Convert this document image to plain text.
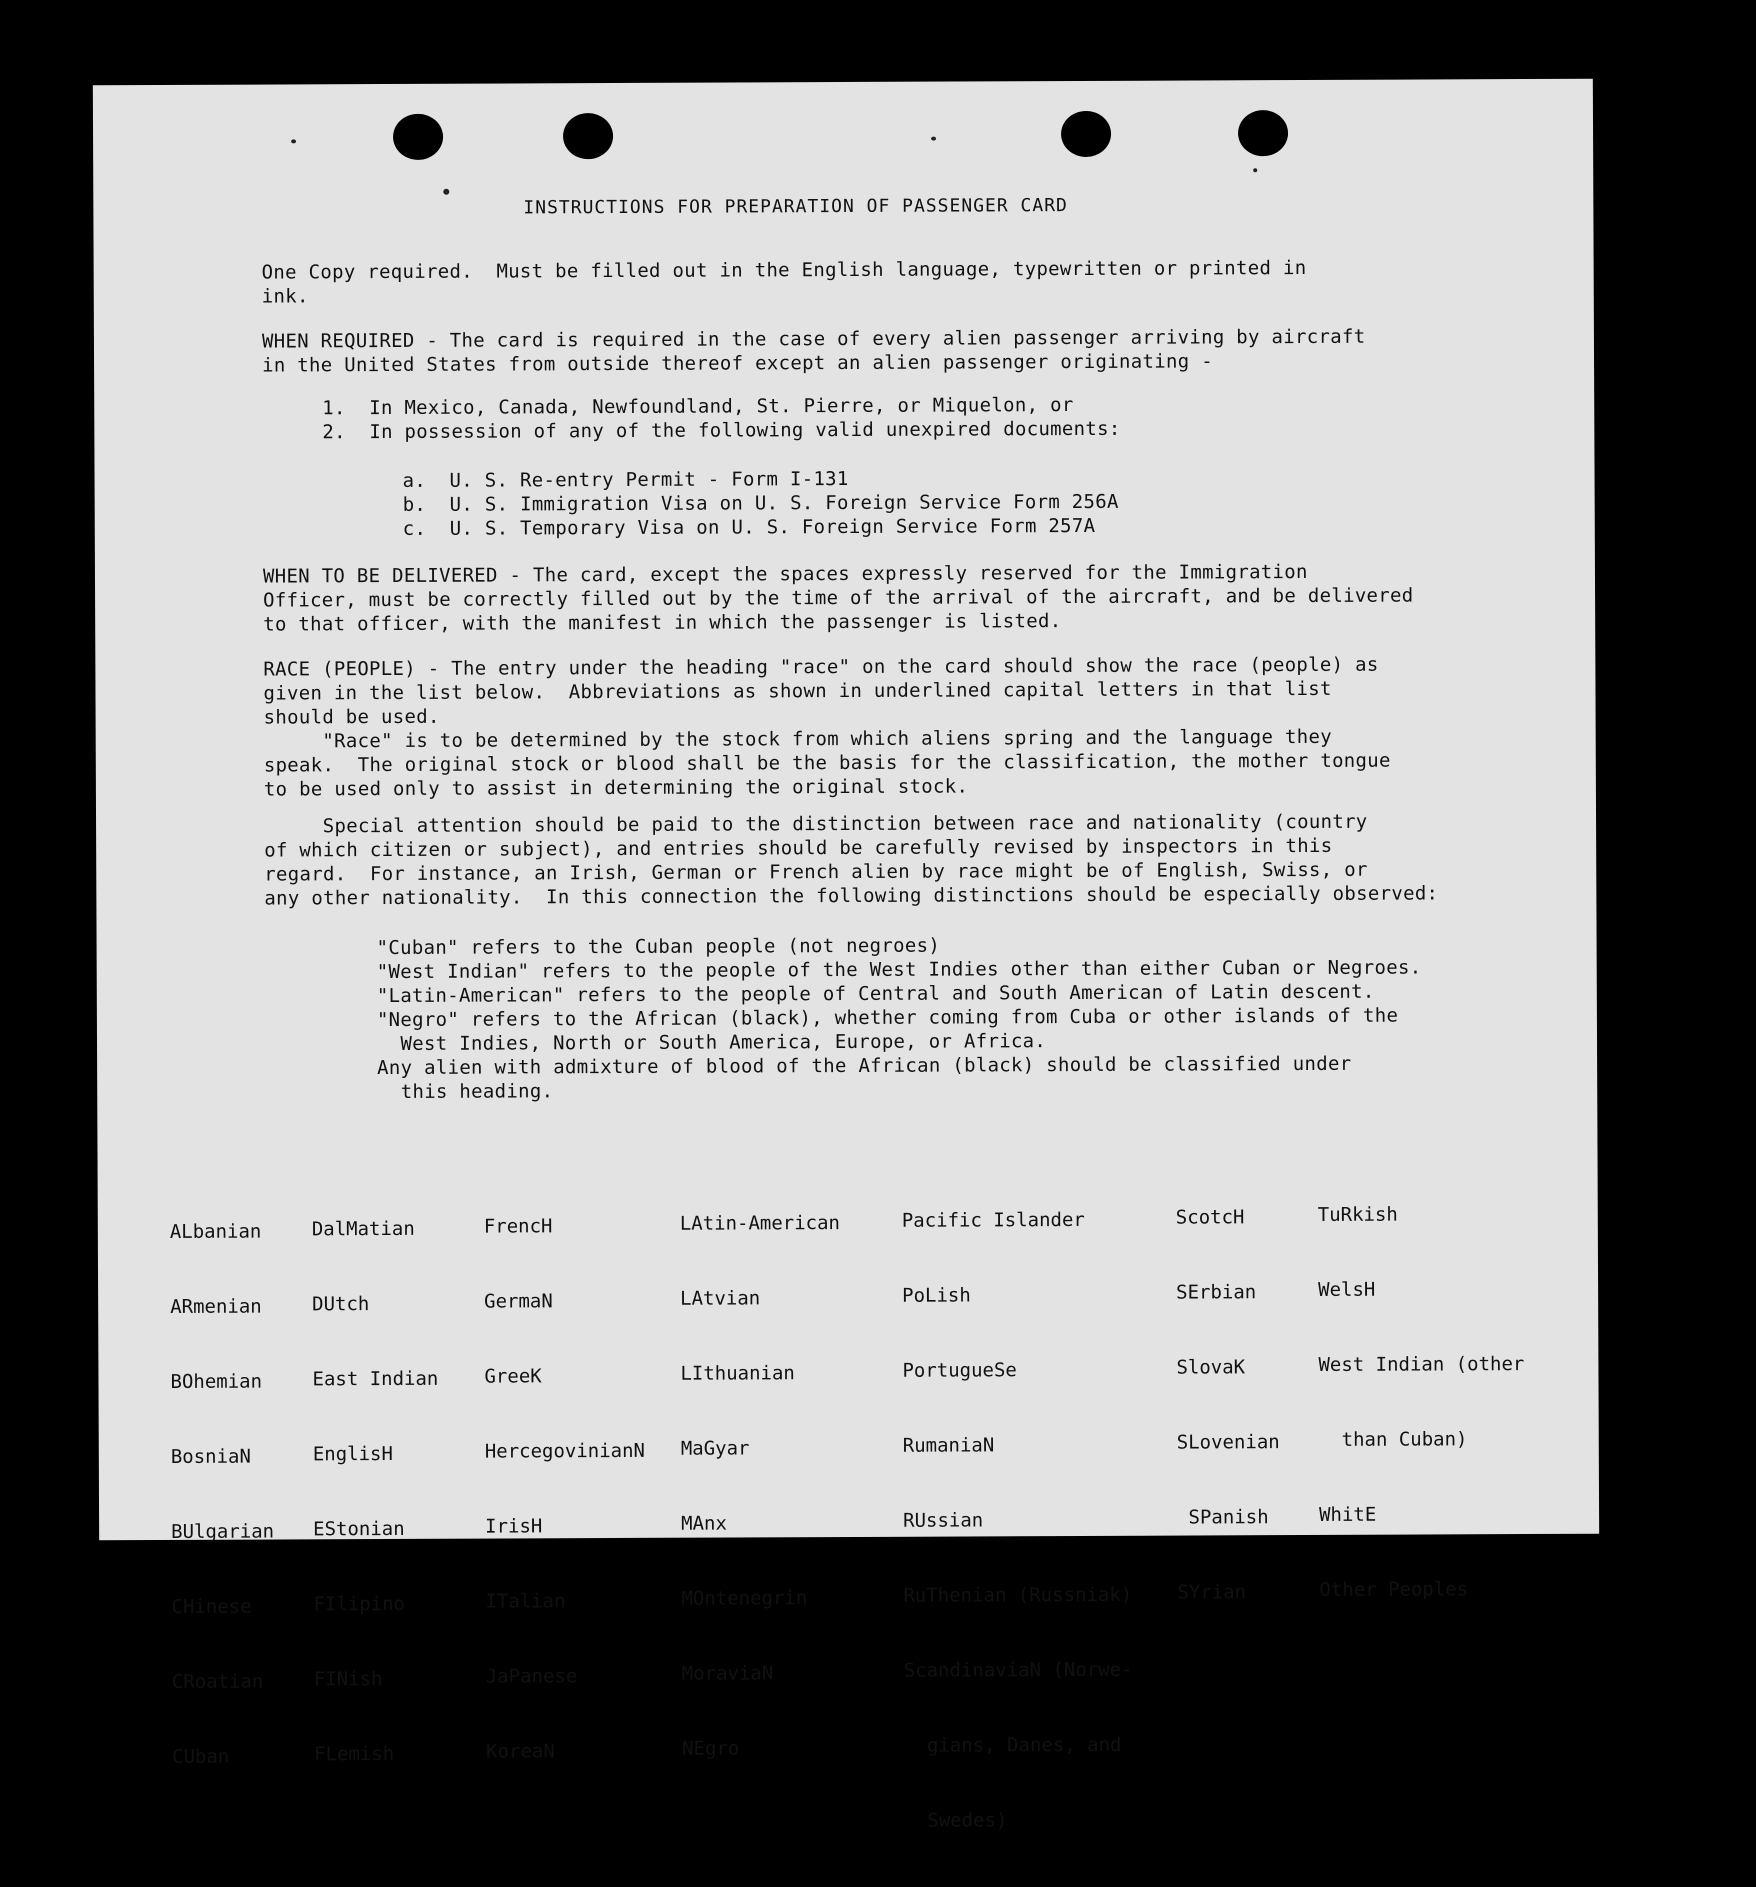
INSTRUCTIONS FOR PREPARATION OF PASSENGER CARD
One Copy required.  Must be filled out in the English language, typewritten or printed in
ink.
WHEN REQUIRED - The card is required in the case of every alien passenger arriving by aircraft
in the United States from outside thereof except an alien passenger originating -
1.  In Mexico, Canada, Newfoundland, St. Pierre, or Miquelon, or
2.  In possession of any of the following valid unexpired documents:
a.  U. S. Re-entry Permit - Form I-131
b.  U. S. Immigration Visa on U. S. Foreign Service Form 256A
c.  U. S. Temporary Visa on U. S. Foreign Service Form 257A
WHEN TO BE DELIVERED - The card, except the spaces expressly reserved for the Immigration
Officer, must be correctly filled out by the time of the arrival of the aircraft, and be delivered
to that officer, with the manifest in which the passenger is listed.
RACE (PEOPLE) - The entry under the heading "race" on the card should show the race (people) as
given in the list below.  Abbreviations as shown in underlined capital letters in that list
should be used.
"Race" is to be determined by the stock from which aliens spring and the language they
speak.  The original stock or blood shall be the basis for the classification, the mother tongue
to be used only to assist in determining the original stock.
Special attention should be paid to the distinction between race and nationality (country
of which citizen or subject), and entries should be carefully revised by inspectors in this
regard.  For instance, an Irish, German or French alien by race might be of English, Swiss, or
any other nationality.  In this connection the following distinctions should be especially observed:
"Cuban" refers to the Cuban people (not negroes)
"West Indian" refers to the people of the West Indies other than either Cuban or Negroes.
"Latin-American" refers to the people of Central and South American of Latin descent.
"Negro" refers to the African (black), whether coming from Cuba or other islands of the
West Indies, North or South America, Europe, or Africa.
Any alien with admixture of blood of the African (black) should be classified under
this heading.

ALbanian

ARmenian

BOhemian

BosniaN

BUlgarian

CHinese

CRoatian

CUban

DalMatian

DUtch

East Indian

EnglisH

EStonian

FIlipino

FINish

FLemish

FrencH

GermaN

GreeK

HercegovinianN

IrisH

ITalian

JaPanese

KoreaN

LAtin-American

LAtvian

LIthuanian

MaGyar

MAnx

MOntenegrin

MoraviaN

NEgro

Pacific Islander

PoLish

PortugueSe

RumaniaN

RUssian

RuThenian (Russniak)

ScandinaviaN (Norwe-

gians, Danes, and

Swedes)

ScotcH

SErbian

SlovaK

SLovenian

SPanish

SYrian

TuRkish

WelsH

West Indian (other

than Cuban)

WhitE

Other Peoples
